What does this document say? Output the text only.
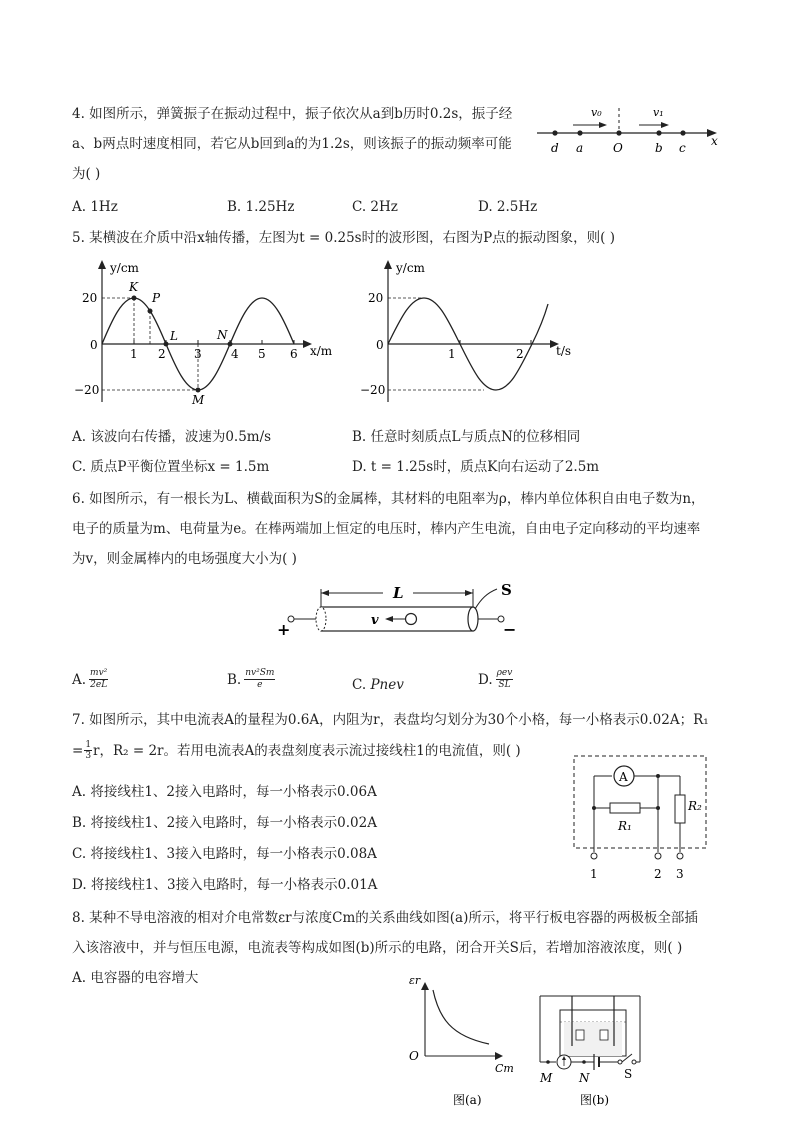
4. 如图所示，弹簧振子在振动过程中，振子依次从a到b历时0.2s，振子经
a、b两点时速度相同，若它从b回到a的为1.2s，则该振子的振动频率可能
为( )
v₀	v₁
d a O	b c x
A. 1Hz	B. 1.25Hz	C. 2Hz	D. 2.5Hz
5. 某横波在介质中沿x轴传播，左图为t = 0.25s时的波形图，右图为P点的振动图象，则( )
y/cm
x/m
20
0
−20
1 2 3 4 5 6
K
P
L	N
M
y/cm
t/s
20
0
−20
1	2
A. 该波向右传播，波速为0.5m/s	B. 任意时刻质点L与质点N的位移相同
C. 质点P平衡位置坐标x = 1.5m	D. t = 1.25s时，质点K向右运动了2.5m
6. 如图所示，有一根长为L、横截面积为S的金属棒，其材料的电阻率为ρ，棒内单位体积自由电子数为n，
电子的质量为m、电荷量为e。在棒两端加上恒定的电压时，棒内产生电流，自由电子定向移动的平均速率
为v，则金属棒内的电场强度大小为( )
L
+	−
v
S
A. $\frac{\text{mv²}}{2eL}$	B. $\frac{\text{nv²Sm}}{e}$	C. Pnev	D. ρev
SL
7. 如图所示，其中电流表A的量程为0.6A，内阻为r，表盘均匀划分为30个小格，每一小格表示0.02A；R₁
= $\frac{1}{3}$ r，R₂ = 2r。若用电流表A的表盘刻度表示流过接线柱1的电流值，则( )
A. 将接线柱1、2接入电路时，每一小格表示0.06A
B. 将接线柱1、2接入电路时，每一小格表示0.02A
C. 将接线柱1、3接入电路时，每一小格表示0.08A
D. 将接线柱1、3接入电路时，每一小格表示0.01A
A
R₁
R₂
1	2 3
8. 某种不导电溶液的相对介电常数εr与浓度Cm的关系曲线如图(a)所示，将平行板电容器的两极板全部插
入该溶液中，并与恒压电源，电流表等构成如图(b)所示的电路，闭合开关S后，若增加溶液浓度，则( )
A. 电容器的电容增大	εr
O
Cm
图(a)
M N	S
图(b)
